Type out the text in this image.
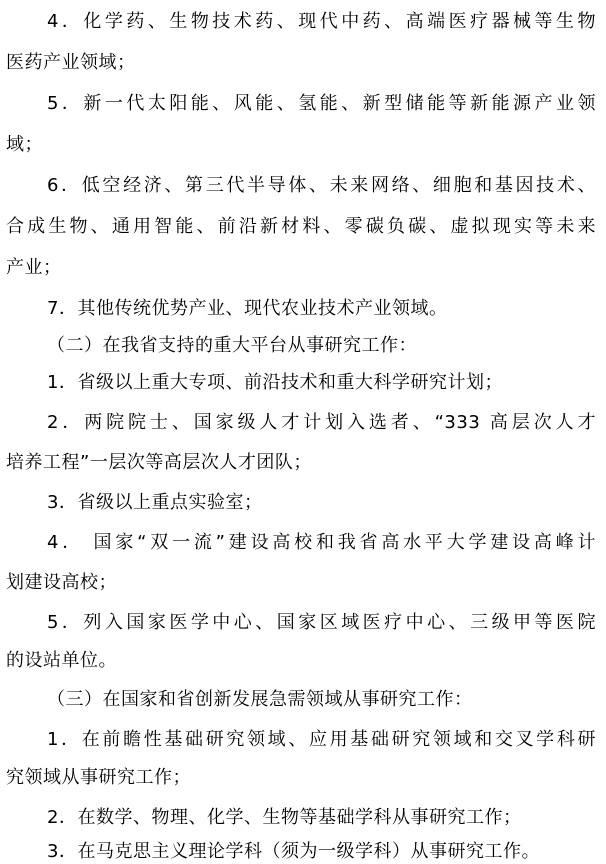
4．化学药、生物技术药、现代中药、高端医疗器械等生物
医药产业领域；
5．新一代太阳能、风能、氢能、新型储能等新能源产业领
域；
6．低空经济、第三代半导体、未来网络、细胞和基因技术、
合成生物、通用智能、前沿新材料、零碳负碳、虚拟现实等未来
产业；
7．其他传统优势产业、现代农业技术产业领域。
（二）在我省支持的重大平台从事研究工作：
1．省级以上重大专项、前沿技术和重大科学研究计划；
2．两院院士、国家级人才计划入选者、“333 高层次人才
培养工程”一层次等高层次人才团队；
3．省级以上重点实验室；
4． 国家“双一流”建设高校和我省高水平大学建设高峰计
划建设高校；
5．列入国家医学中心、国家区域医疗中心、三级甲等医院
的设站单位。
（三）在国家和省创新发展急需领域从事研究工作：
1．在前瞻性基础研究领域、应用基础研究领域和交叉学科研
究领域从事研究工作；
2．在数学、物理、化学、生物等基础学科从事研究工作；
3．在马克思主义理论学科（须为一级学科）从事研究工作。
